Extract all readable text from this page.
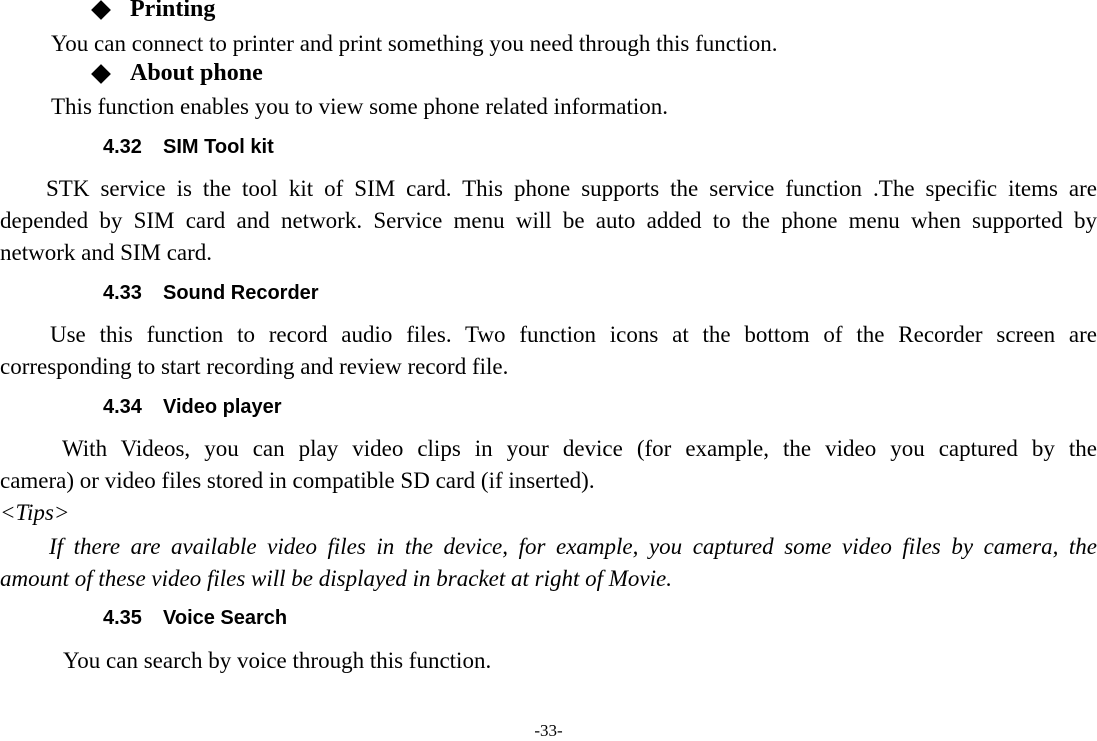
Printing
You can connect to printer and print something you need through this function.
About phone
This function enables you to view some phone related information.
4.32	SIM Tool kit
STK service is the tool kit of SIM card. This phone supports the service function .The specific items are
depended by SIM card and network. Service menu will be auto added to the phone menu when supported by
network and SIM card.
4.33	Sound Recorder
Use this function to record audio files. Two function icons at the bottom of the Recorder screen are
corresponding to start recording and review record file.
4.34	Video player
With Videos, you can play video clips in your device (for example, the video you captured by the
camera) or video files stored in compatible SD card (if inserted).
<Tips>
If there are available video files in the device, for example, you captured some video files by camera, the
amount of these video files will be displayed in bracket at right of Movie.
4.35	Voice Search
You can search by voice through this function.
-33-
